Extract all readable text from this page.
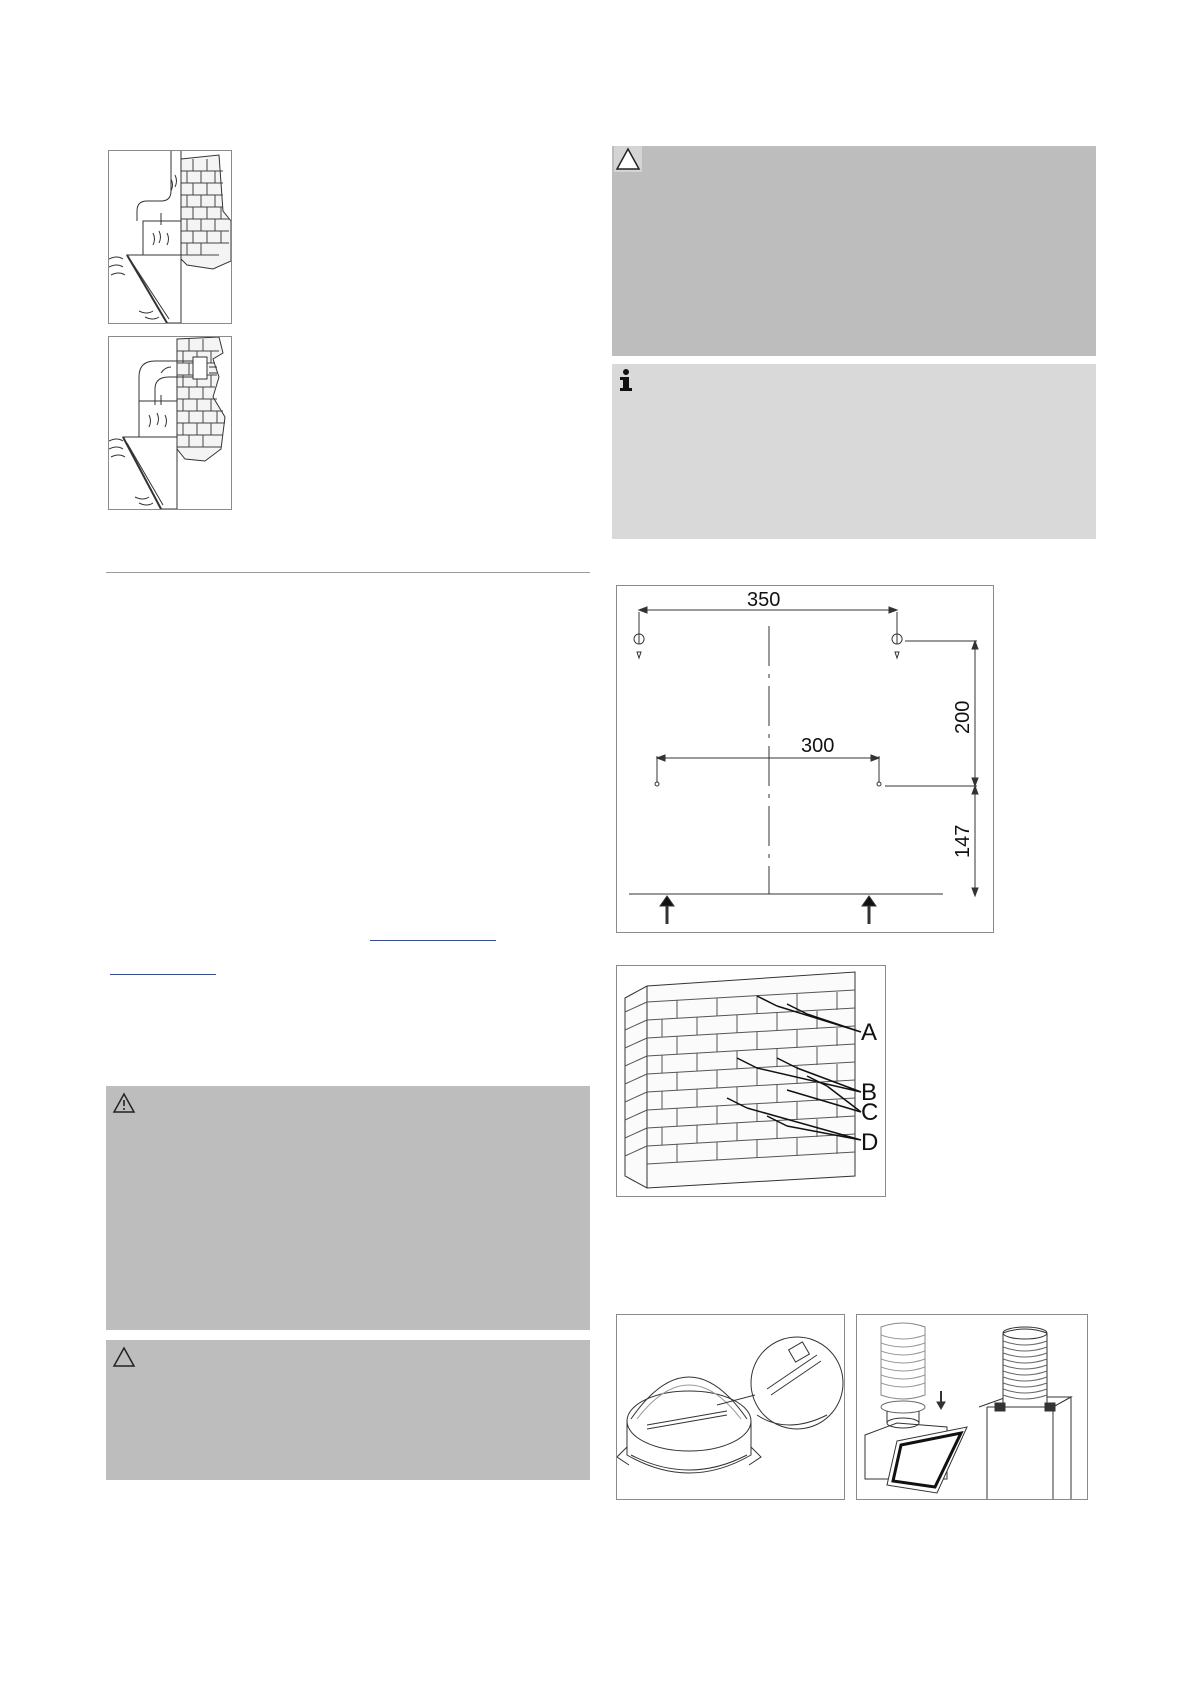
350
300
200
147
A
B
C
D
